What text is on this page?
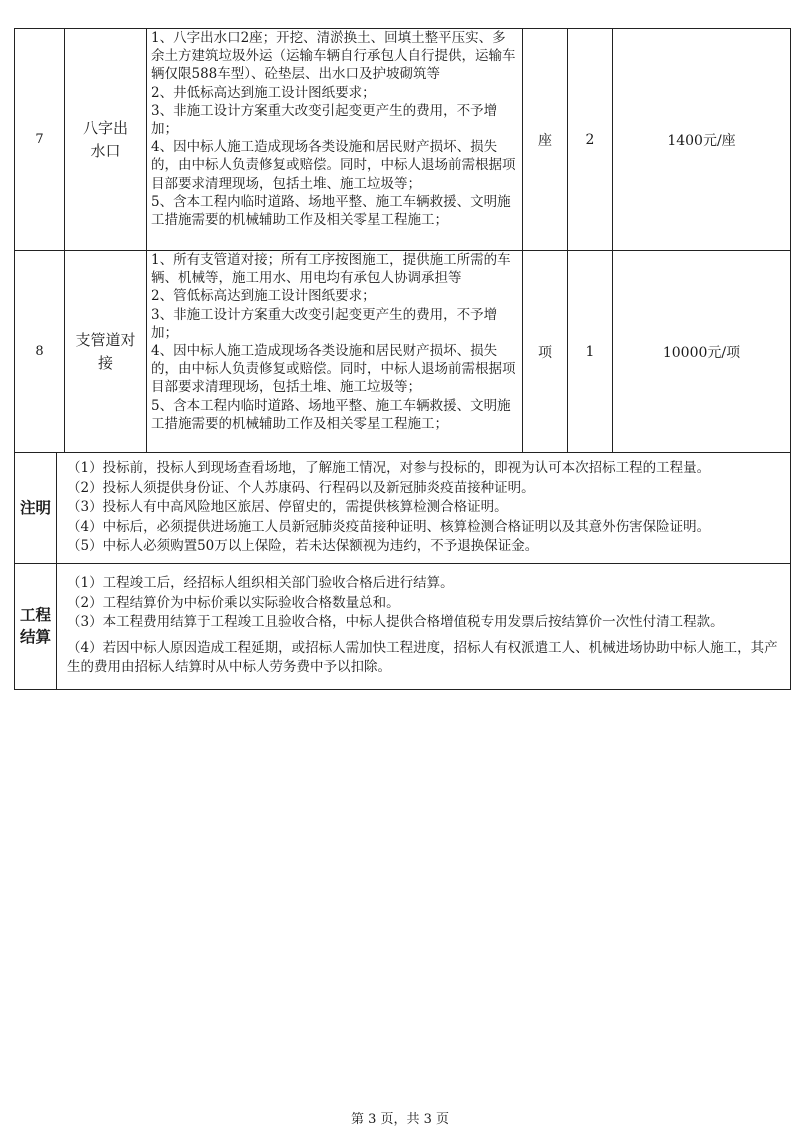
7	八字出水口	1、八字出水口2座；开挖、清淤换土、回填土整平压实、多余土方建筑垃圾外运（运输车辆自行承包人自行提供，运输车辆仅限588车型）、砼垫层、出水口及护坡砌筑等
2、井低标高达到施工设计图纸要求；
3、非施工设计方案重大改变引起变更产生的费用，不予增加；
4、因中标人施工造成现场各类设施和居民财产损坏、损失的，由中标人负责修复或赔偿。同时，中标人退场前需根据项目部要求清理现场，包括土堆、施工垃圾等；
5、含本工程内临时道路、场地平整、施工车辆救援、文明施工措施需要的机械辅助工作及相关零星工程施工；	座	2	1400元/座
8	支管道对接	1、所有支管道对接；所有工序按图施工，提供施工所需的车辆、机械等，施工用水、用电均有承包人协调承担等
2、管低标高达到施工设计图纸要求；
3、非施工设计方案重大改变引起变更产生的费用，不予增加；
4、因中标人施工造成现场各类设施和居民财产损坏、损失的，由中标人负责修复或赔偿。同时，中标人退场前需根据项目部要求清理现场，包括土堆、施工垃圾等；
5、含本工程内临时道路、场地平整、施工车辆救援、文明施工措施需要的机械辅助工作及相关零星工程施工；	项	1	10000元/项
注明	（1）投标前，投标人到现场查看场地，了解施工情况，对参与投标的，即视为认可本次招标工程的工程量。
（2）投标人须提供身份证、个人苏康码、行程码以及新冠肺炎疫苗接种证明。
（3）投标人有中高风险地区旅居、停留史的，需提供核算检测合格证明。
（4）中标后，必须提供进场施工人员新冠肺炎疫苗接种证明、核算检测合格证明以及其意外伤害保险证明。
（5）中标人必须购置50万以上保险，若未达保额视为违约，不予退换保证金。

工程结算	（1）工程竣工后，经招标人组织相关部门验收合格后进行结算。
（2）工程结算价为中标价乘以实际验收合格数量总和。
（3）本工程费用结算于工程竣工且验收合格，中标人提供合格增值税专用发票后按结算价一次性付清工程款。
（4）若因中标人原因造成工程延期，或招标人需加快工程进度，招标人有权派遣工人、机械进场协助中标人施工，其产生的费用由招标人结算时从中标人劳务费中予以扣除。
第 3 页，共 3 页
